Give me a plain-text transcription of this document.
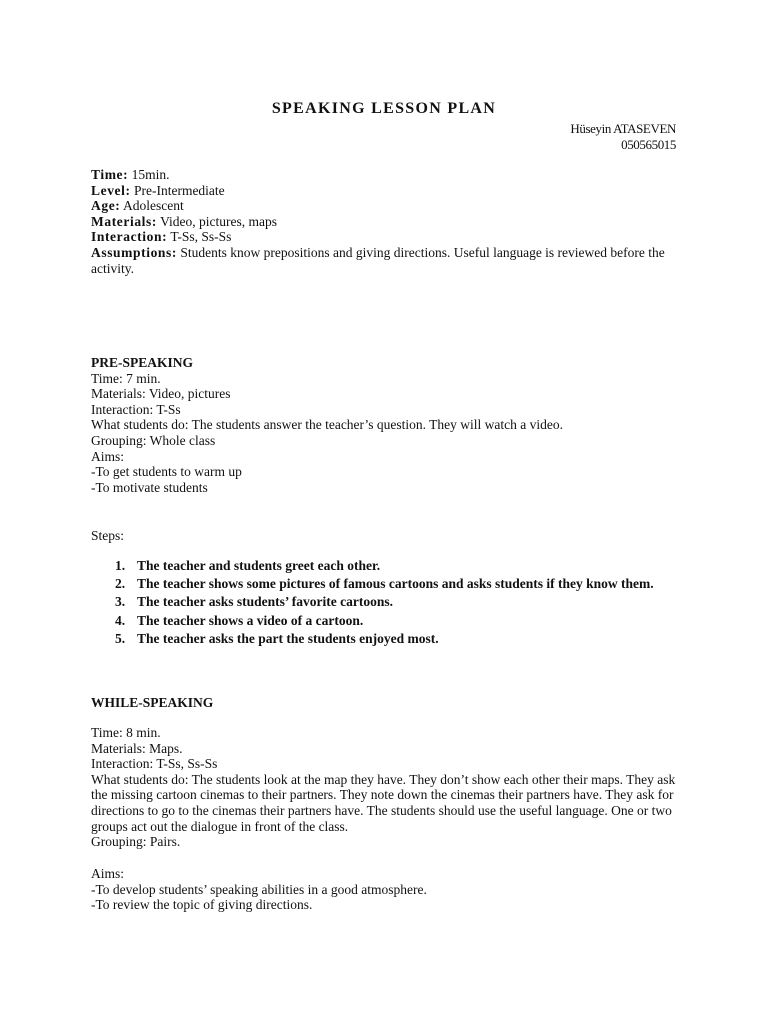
SPEAKING LESSON PLAN
Hüseyin ATASEVEN
050565015
Time: 15min.
Level: Pre-Intermediate
Age: Adolescent
Materials: Video, pictures, maps
Interaction: T-Ss, Ss-Ss
Assumptions: Students know prepositions and giving directions. Useful language is reviewed before the activity.
PRE-SPEAKING
Time: 7 min.
Materials: Video, pictures
Interaction: T-Ss
What students do: The students answer the teacher’s question. They will watch a video.
Grouping: Whole class
Aims:
-To get students to warm up
-To motivate students
Steps:
1. The teacher and students greet each other.
2. The teacher shows some pictures of famous cartoons and asks students if they know them.
3. The teacher asks students’ favorite cartoons.
4. The teacher shows a video of a cartoon.
5. The teacher asks the part the students enjoyed most.
WHILE-SPEAKING
Time: 8 min.
Materials: Maps.
Interaction: T-Ss, Ss-Ss
What students do: The students look at the map they have. They don’t show each other their maps. They ask the missing cartoon cinemas to their partners. They note down the cinemas their partners have. They ask for directions to go to the cinemas their partners have. The students should use the useful language. One or two groups act out the dialogue in front of the class.
Grouping: Pairs.
Aims:
-To develop students’ speaking abilities in a good atmosphere.
-To review the topic of giving directions.
